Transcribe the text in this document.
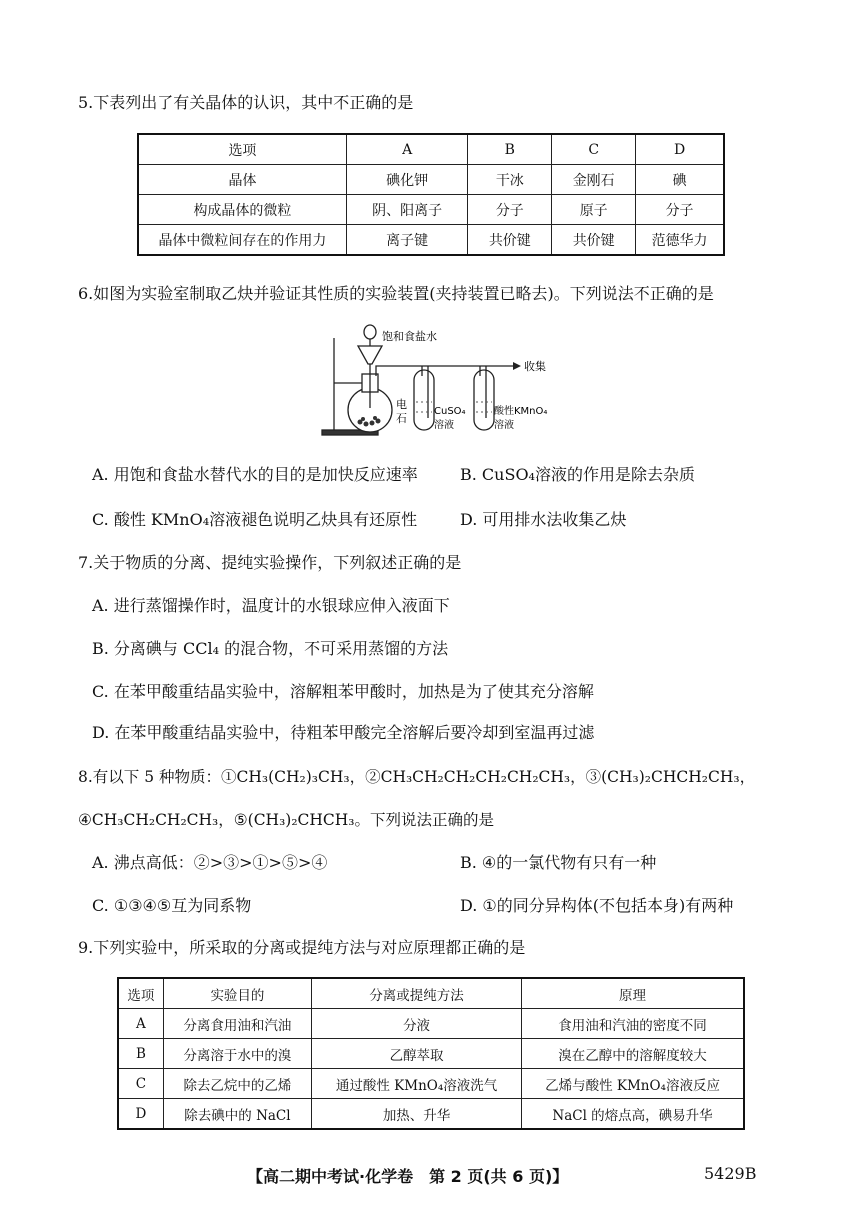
5.下表列出了有关晶体的认识，其中不正确的是
选项	A	B	C	D
晶体	碘化钾	干冰	金刚石	碘
构成晶体的微粒	阴、阳离子	分子	原子	分子
晶体中微粒间存在的作用力	离子键	共价键	共价键	范德华力
6.如图为实验室制取乙炔并验证其性质的实验装置(夹持装置已略去)。下列说法不正确的是
饱和食盐水
收集
电
石
CuSO₄
溶液
酸性KMnO₄
溶液
A. 用饱和食盐水替代水的目的是加快反应速率	B. CuSO₄溶液的作用是除去杂质
C. 酸性 KMnO₄溶液褪色说明乙炔具有还原性	D. 可用排水法收集乙炔
7.关于物质的分离、提纯实验操作，下列叙述正确的是
A. 进行蒸馏操作时，温度计的水银球应伸入液面下
B. 分离碘与 CCl₄ 的混合物，不可采用蒸馏的方法
C. 在苯甲酸重结晶实验中，溶解粗苯甲酸时，加热是为了使其充分溶解
D. 在苯甲酸重结晶实验中，待粗苯甲酸完全溶解后要冷却到室温再过滤
8.有以下 5 种物质：①CH₃(CH₂)₃CH₃，②CH₃CH₂CH₂CH₂CH₂CH₃，③(CH₃)₂CHCH₂CH₃，
④CH₃CH₂CH₂CH₃，⑤(CH₃)₂CHCH₃。下列说法正确的是
A. 沸点高低：②>③>①>⑤>④	B. ④的一氯代物有只有一种
C. ①③④⑤互为同系物	D. ①的同分异构体(不包括本身)有两种
9.下列实验中，所采取的分离或提纯方法与对应原理都正确的是
选项	实验目的	分离或提纯方法	原理
A	分离食用油和汽油	分液	食用油和汽油的密度不同
B	分离溶于水中的溴	乙醇萃取	溴在乙醇中的溶解度较大
C	除去乙烷中的乙烯	通过酸性 KMnO₄溶液洗气	乙烯与酸性 KMnO₄溶液反应
D	除去碘中的 NaCl	加热、升华	NaCl 的熔点高，碘易升华
【高二期中考试·化学卷　第 2 页(共 6 页)】	5429B
